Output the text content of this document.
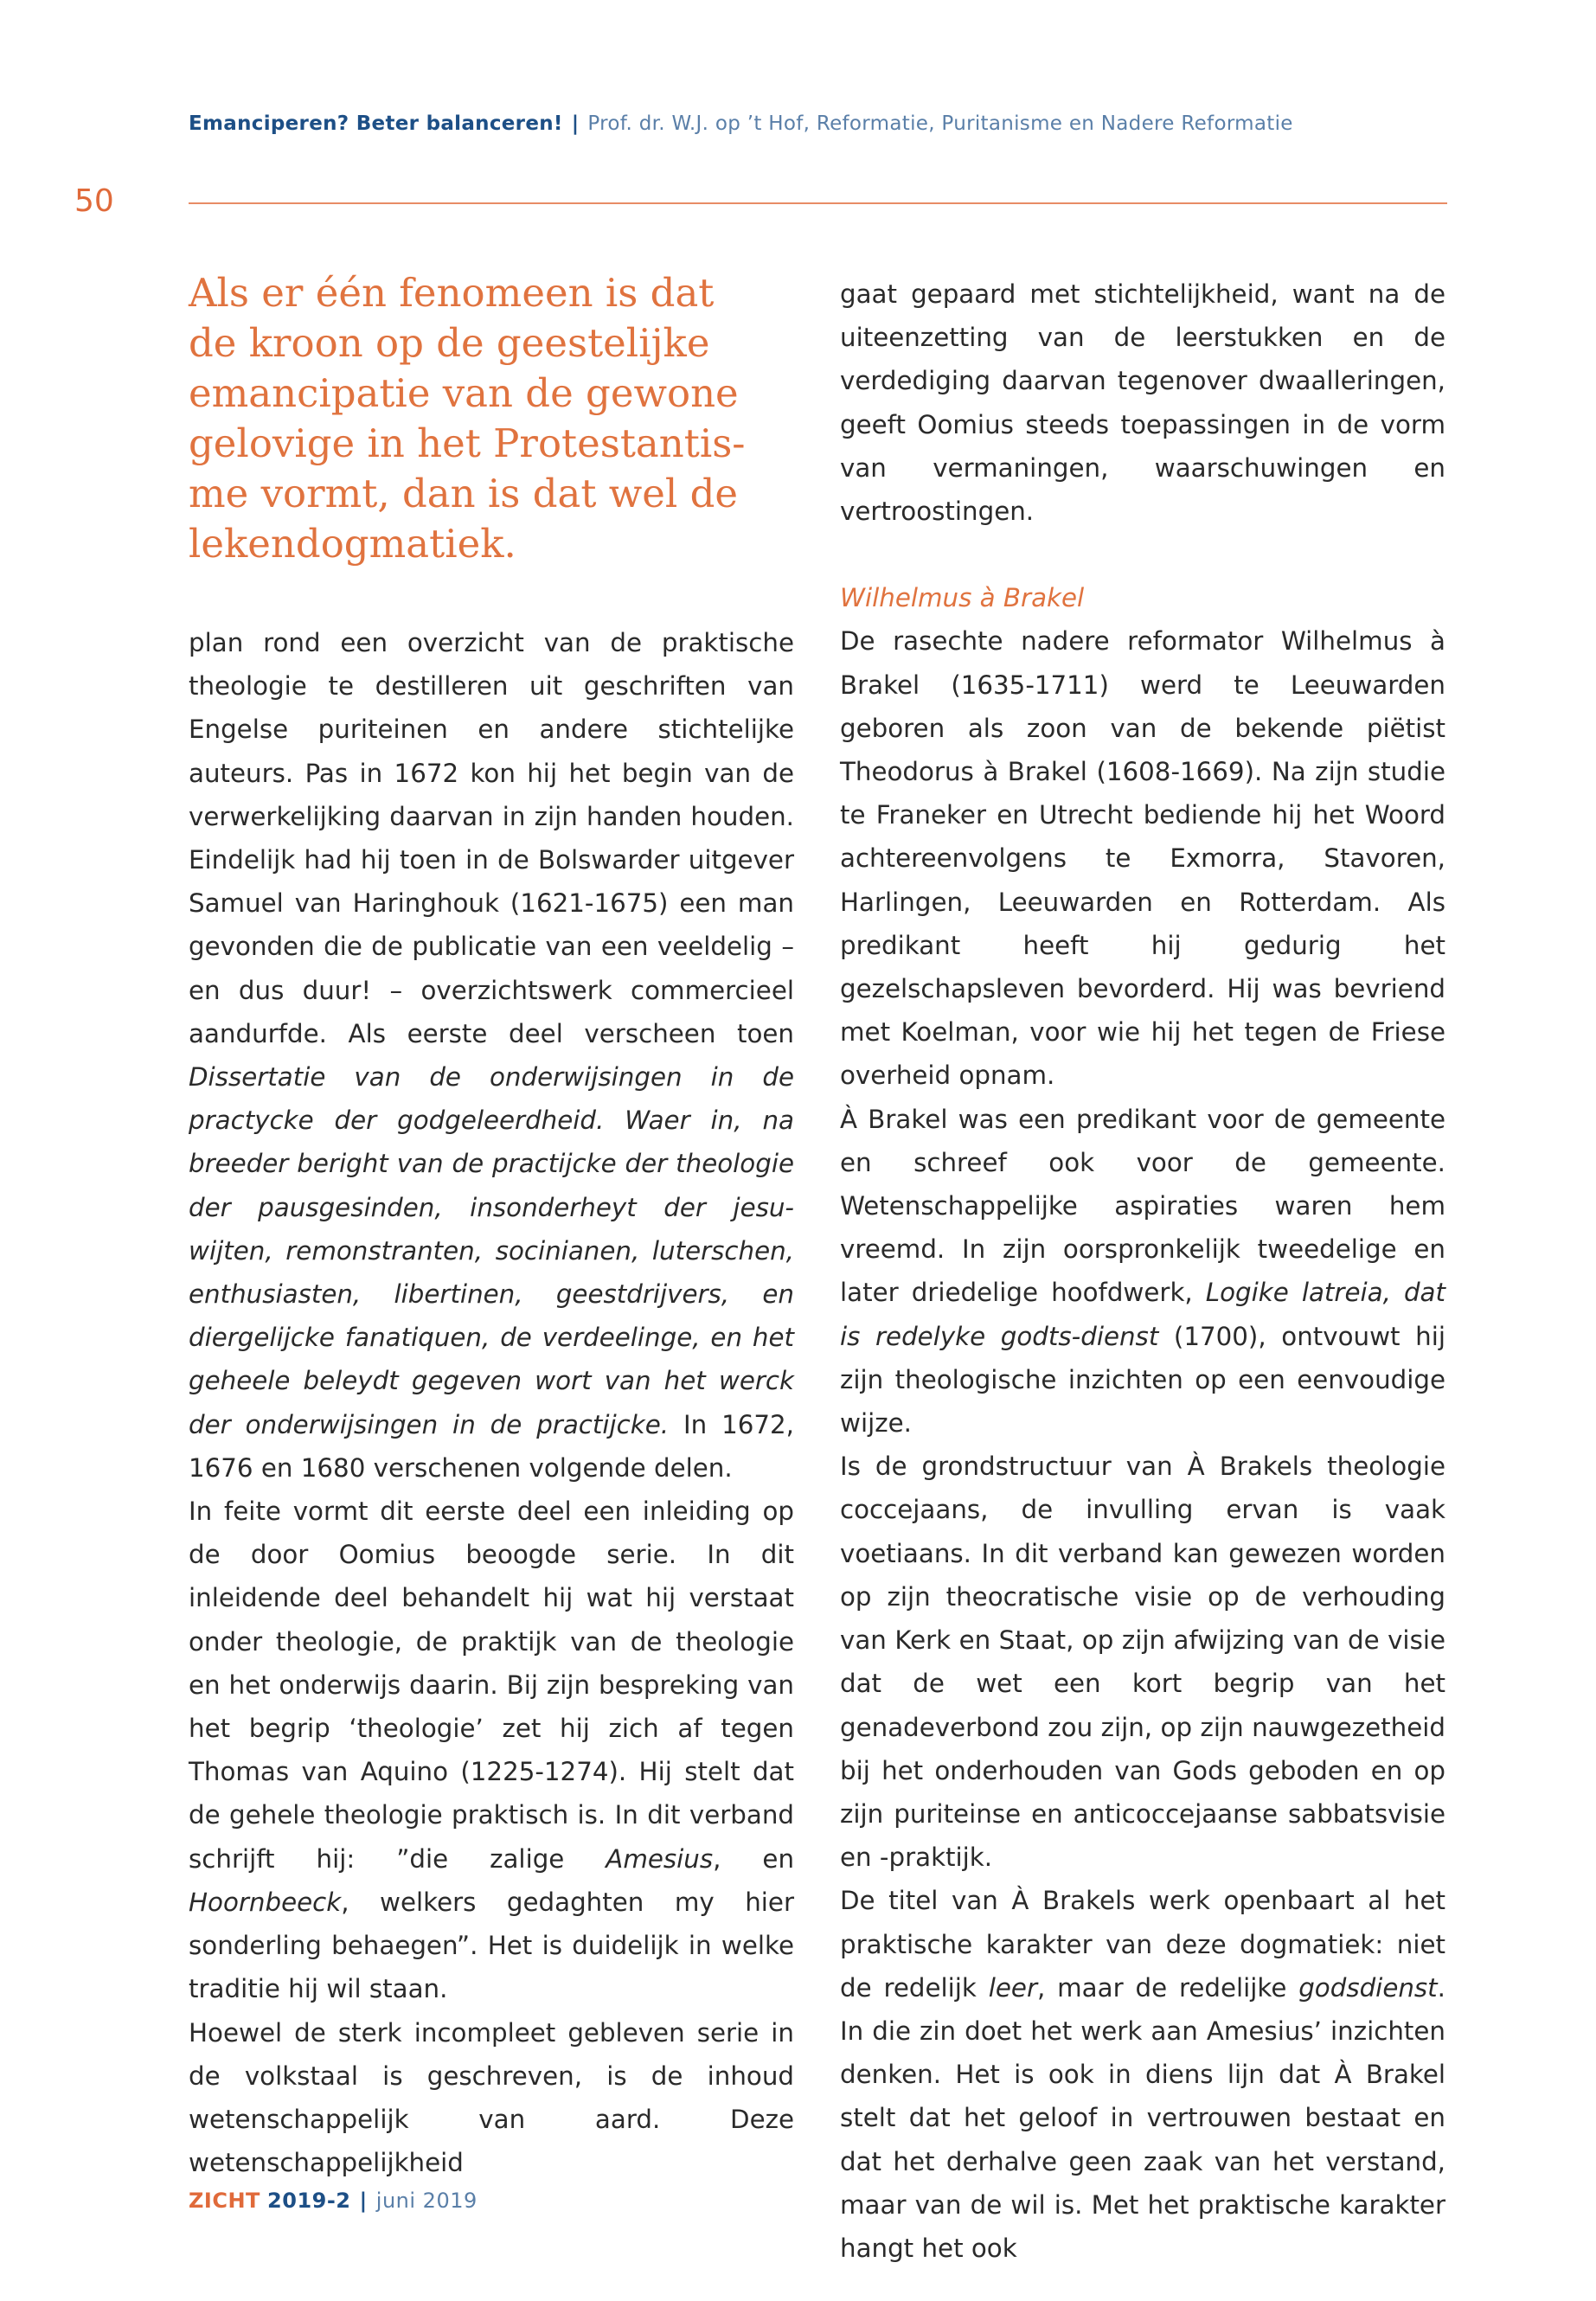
Emanciperen? Beter balanceren! | Prof. dr. W.J. op ’t Hof, Reformatie, Puritanisme en Nadere Reformatie
50
Als er één fenomeen is dat
de kroon op de geestelijke
emancipatie van de gewone
gelovige in het Protestantis-
me vormt, dan is dat wel de
lekendogmatiek.

plan rond een overzicht van de praktische theologie te destilleren uit geschriften van Engelse puriteinen en andere stichtelijke auteurs. Pas in 1672 kon hij het begin van de verwerkelijking daarvan in zijn handen houden. Eindelijk had hij toen in de Bolswarder uitgever Samuel van Haringhouk (1621-1675) een man gevonden die de publicatie van een veeldelig – en dus duur! – overzichtswerk commercieel aandurfde. Als eerste deel verscheen toen Dissertatie van de onderwijsingen in de practycke der godgeleerdheid. Waer in, na breeder beright van de practijcke der theologie der pausgesinden, insonderheyt der jesu-wijten, remonstranten, socinianen, luterschen, enthusiasten, libertinen, geestdrijvers, en diergelijcke fanatiquen, de verdeelinge, en het geheele beleydt gegeven wort van het werck der onderwijsingen in de practijcke. In 1672, 1676 en 1680 verschenen volgende delen.

In feite vormt dit eerste deel een inleiding op de door Oomius beoogde serie. In dit inleidende deel behandelt hij wat hij verstaat onder theologie, de praktijk van de theologie en het onderwijs daarin. Bij zijn bespreking van het begrip ‘theologie’ zet hij zich af tegen Thomas van Aquino (1225-1274). Hij stelt dat de gehele theologie praktisch is. In dit verband schrijft hij: ”die zalige Amesius, en Hoornbeeck, welkers gedaghten my hier sonderling behaegen”. Het is duidelijk in welke traditie hij wil staan.

Hoewel de sterk incompleet gebleven serie in de volkstaal is geschreven, is de inhoud wetenschappelijk van aard. Deze wetenschappelijkheid

gaat gepaard met stichtelijkheid, want na de uiteenzetting van de leerstukken en de verdediging daarvan tegenover dwaalleringen, geeft Oomius steeds toepassingen in de vorm van vermaningen, waarschuwingen en vertroostingen.

Wilhelmus à Brakel

De rasechte nadere reformator Wilhelmus à Brakel (1635-1711) werd te Leeuwarden geboren als zoon van de bekende piëtist Theodorus à Brakel (1608-1669). Na zijn studie te Franeker en Utrecht bediende hij het Woord achtereenvolgens te Exmorra, Stavoren, Harlingen, Leeuwarden en Rotterdam. Als predikant heeft hij gedurig het gezelschapsleven bevorderd. Hij was bevriend met Koelman, voor wie hij het tegen de Friese overheid opnam.

À Brakel was een predikant voor de gemeente en schreef ook voor de gemeente. Wetenschappelijke aspiraties waren hem vreemd. In zijn oorspronkelijk tweedelige en later driedelige hoofdwerk, Logike latreia, dat is redelyke godts-dienst (1700), ontvouwt hij zijn theologische inzichten op een eenvoudige wijze.

Is de grondstructuur van À Brakels theologie coccejaans, de invulling ervan is vaak voetiaans. In dit verband kan gewezen worden op zijn theocratische visie op de verhouding van Kerk en Staat, op zijn afwijzing van de visie dat de wet een kort begrip van het genadeverbond zou zijn, op zijn nauwgezetheid bij het onderhouden van Gods geboden en op zijn puriteinse en anticoccejaanse sabbatsvisie en -praktijk.

De titel van À Brakels werk openbaart al het praktische karakter van deze dogmatiek: niet de redelijk leer, maar de redelijke godsdienst. In die zin doet het werk aan Amesius’ inzichten denken. Het is ook in diens lijn dat À Brakel stelt dat het geloof in vertrouwen bestaat en dat het derhalve geen zaak van het verstand, maar van de wil is. Met het praktische karakter hangt het ook

ZICHT 2019-2 | juni 2019
